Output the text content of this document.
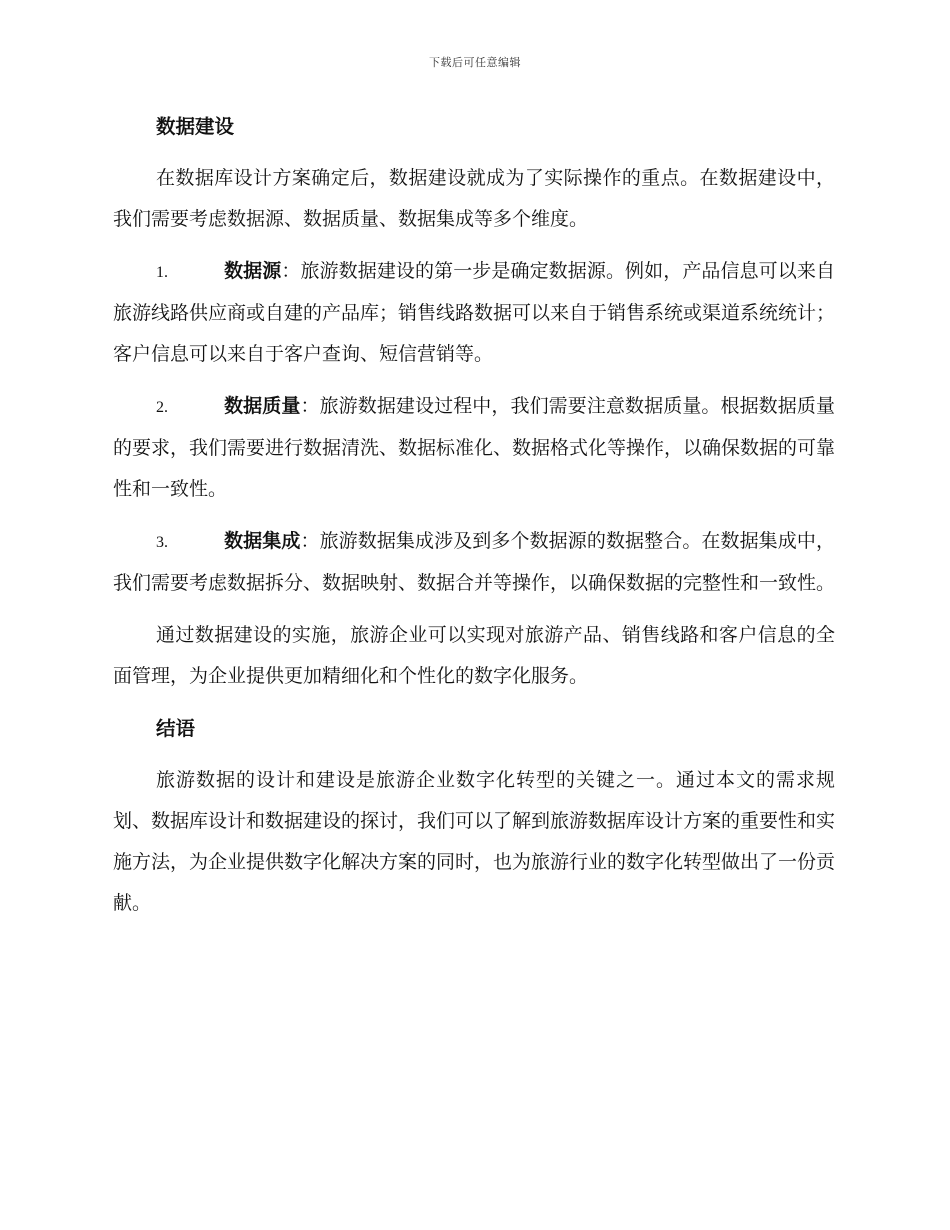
下载后可任意编辑
数据建设

在数据库设计方案确定后，数据建设就成为了实际操作的重点。在数据建设中，我们需要考虑数据源、数据质量、数据集成等多个维度。

1.	数据源：旅游数据建设的第一步是确定数据源。例如，产品信息可以来自旅游线路供应商或自建的产品库；销售线路数据可以来自于销售系统或渠道系统统计；客户信息可以来自于客户查询、短信营销等。

2.	数据质量：旅游数据建设过程中，我们需要注意数据质量。根据数据质量的要求，我们需要进行数据清洗、数据标准化、数据格式化等操作，以确保数据的可靠性和一致性。

3.	数据集成：旅游数据集成涉及到多个数据源的数据整合。在数据集成中，我们需要考虑数据拆分、数据映射、数据合并等操作，以确保数据的完整性和一致性。

通过数据建设的实施，旅游企业可以实现对旅游产品、销售线路和客户信息的全面管理，为企业提供更加精细化和个性化的数字化服务。

结语

旅游数据的设计和建设是旅游企业数字化转型的关键之一。通过本文的需求规划、数据库设计和数据建设的探讨，我们可以了解到旅游数据库设计方案的重要性和实施方法，为企业提供数字化解决方案的同时，也为旅游行业的数字化转型做出了一份贡献。
